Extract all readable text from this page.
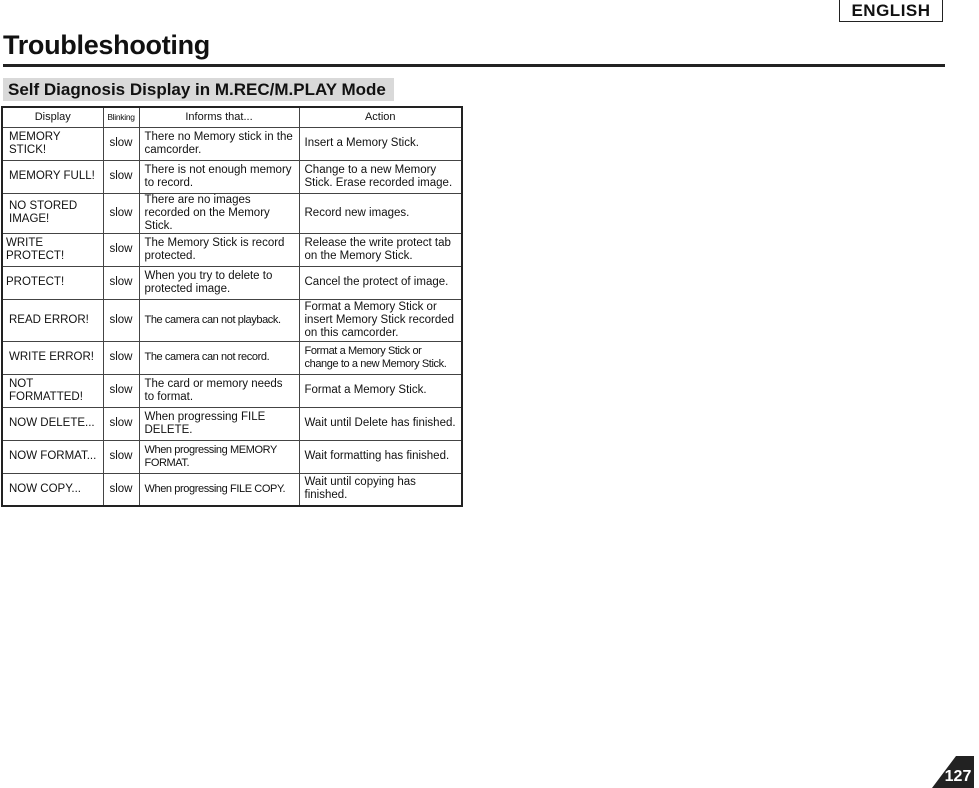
ENGLISH
Troubleshooting
Self Diagnosis Display in M.REC/M.PLAY Mode
Display	Blinking	Informs that...	Action
MEMORY STICK!	slow	There no Memory stick in the camcorder.	Insert a Memory Stick.
MEMORY FULL!	slow	There is not enough memory to record.	Change to a new Memory Stick. Erase recorded image.
NO STORED IMAGE!	slow	There are no images recorded on the Memory Stick.	Record new images.
WRITE PROTECT!	slow	The Memory Stick is record protected.	Release the write protect tab on the Memory Stick.
PROTECT!	slow	When you try to delete to protected image.	Cancel the protect of image.
READ ERROR!	slow	The camera can not playback.	Format a Memory Stick or insert Memory Stick recorded on this camcorder.
WRITE ERROR!	slow	The camera can not record.	Format a Memory Stick or change to a new Memory Stick.
NOT FORMATTED!	slow	The card or memory needs to format.	Format a Memory Stick.
NOW DELETE...	slow	When progressing FILE DELETE.	Wait until Delete has finished.
NOW FORMAT...	slow	When progressing MEMORY FORMAT.	Wait formatting has finished.
NOW COPY...	slow	When progressing FILE COPY.	Wait until copying has finished.
127
